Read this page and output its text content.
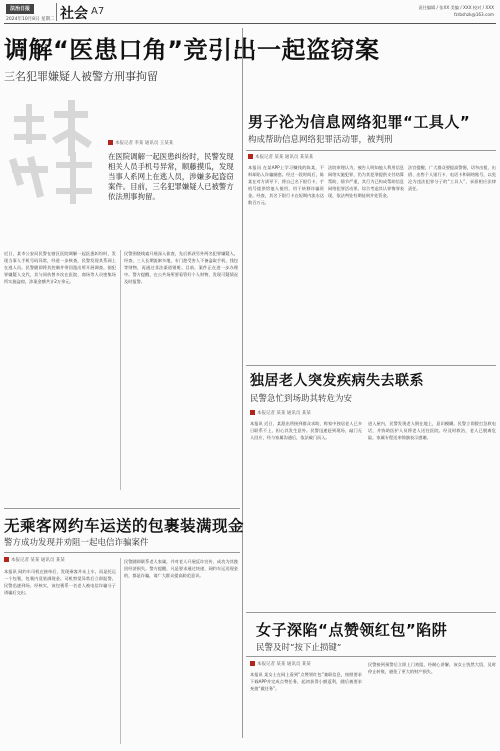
法治日报
2024年10月8日 星期二 社会 A7	责任编辑 / 张XX 美编 / XXX 校对 / XXX
fzrbshzk@163.com
调解“医患口角”竞引出一起盗窃案
三名犯罪嫌疑人被警方刑事拘留
本报记者 李某 通讯员 王某某
在医院调解一起医患纠纷时，民警发现相关人员手机号异常，顺藤摸瓜，发现当事人系网上在逃人员，涉嫌多起盗窃案件。目前，三名犯罪嫌疑人已被警方依法刑事拘留。
近日，某市公安局民警在辖区医院调解一起医患纠纷时，发现当事人手机号码异常，经进一步核查，民警发现其系网上在逃人员。民警随即将其控制并带回派出所开展调查。据犯罪嫌疑人交代，其与同伙曾多次在医院、商场等人员密集场所实施盗窃，涉案金额共计2万余元。
民警围绕线索开展深入侦查，先后抓获另外两名犯罪嫌疑人。经查，三人长期流窜多地，专门趁受害人不备盗取手机、钱包等财物，再通过非法渠道销赃。目前，案件正在进一步办理中。警方提醒，在公共场所要看管好个人财物，发现可疑情况及时报警。
男子沦为信息网络犯罪“工具人”
构成帮助信息网络犯罪活动罪，被判刑
本报记者 某某 通讯员 某某某
本报讯 在某APP上学习赚钱的陈某，不料却陷入诈骗圈套。经过一段时间后，陈某在对方诱导下，将自己名下银行卡、手机号提供给他人使用，用于转移诈骗资金。经查，其名下银行卡在短期内流水达数百万元。
法院审理认为，被告人明知他人利用信息网络实施犯罪，仍为其犯罪提供支付结算帮助，情节严重，其行为已构成帮助信息网络犯罪活动罪。综合考虑其认罪悔罪表现，依法判处有期徒刑并处罚金。
法官提醒，广大群众要提高警惕，切勿出租、出借、出售个人银行卡、电话卡和网络账号，以免沦为违法犯罪分子的“工具人”，承担相应法律责任。
独居老人突发疾病失去联系
民警急忙到场助其转危为安
本报记者 某某 通讯员 某某
本报讯 近日，某派出所接到群众求助，称家中独居老人已多日联系不上，担心其发生意外。民警迅速赶到现场，敲门无人回应，经与家属沟通后，依法破门而入。
进入屋内，民警发现老人倒在地上，意识模糊。民警立即拨打急救电话，并协助医护人员将老人送往医院。经及时救治，老人已脱离危险，家属专程送来锦旗表示感谢。
无乘客网约车运送的包裹装满现金
警方成功发现并劝阻一起电信诈骗案件
本报记者 某某 通讯员 某某
本报讯 网约车司机在接单后，发现乘客并未上车，而是托运一个包裹，包裹内竟装满现金。司机察觉异常后立即报警。民警迅速到场，经核实，该包裹系一名老人被电信诈骗分子诱骗后交出。
民警随即联系老人家属，并对老人开展反诈宣传，成功为其挽回经济损失。警方提醒，凡是要求通过快递、网约车运送现金的，都是诈骗，请广大群众提高防范意识。
女子深陷“点赞领红包”陷阱
民警及时“按下止损键”
本报记者 某某 通讯员 某某
本报讯 某女士在网上看到“点赞领红包”兼职信息，按照要求下载APP并完成点赞任务，起初获得小额返利，随后被要求充值“做任务”。
民警接到预警后立即上门劝阻，经耐心讲解，该女士恍然大悟，及时停止转账，避免了更大的财产损失。
